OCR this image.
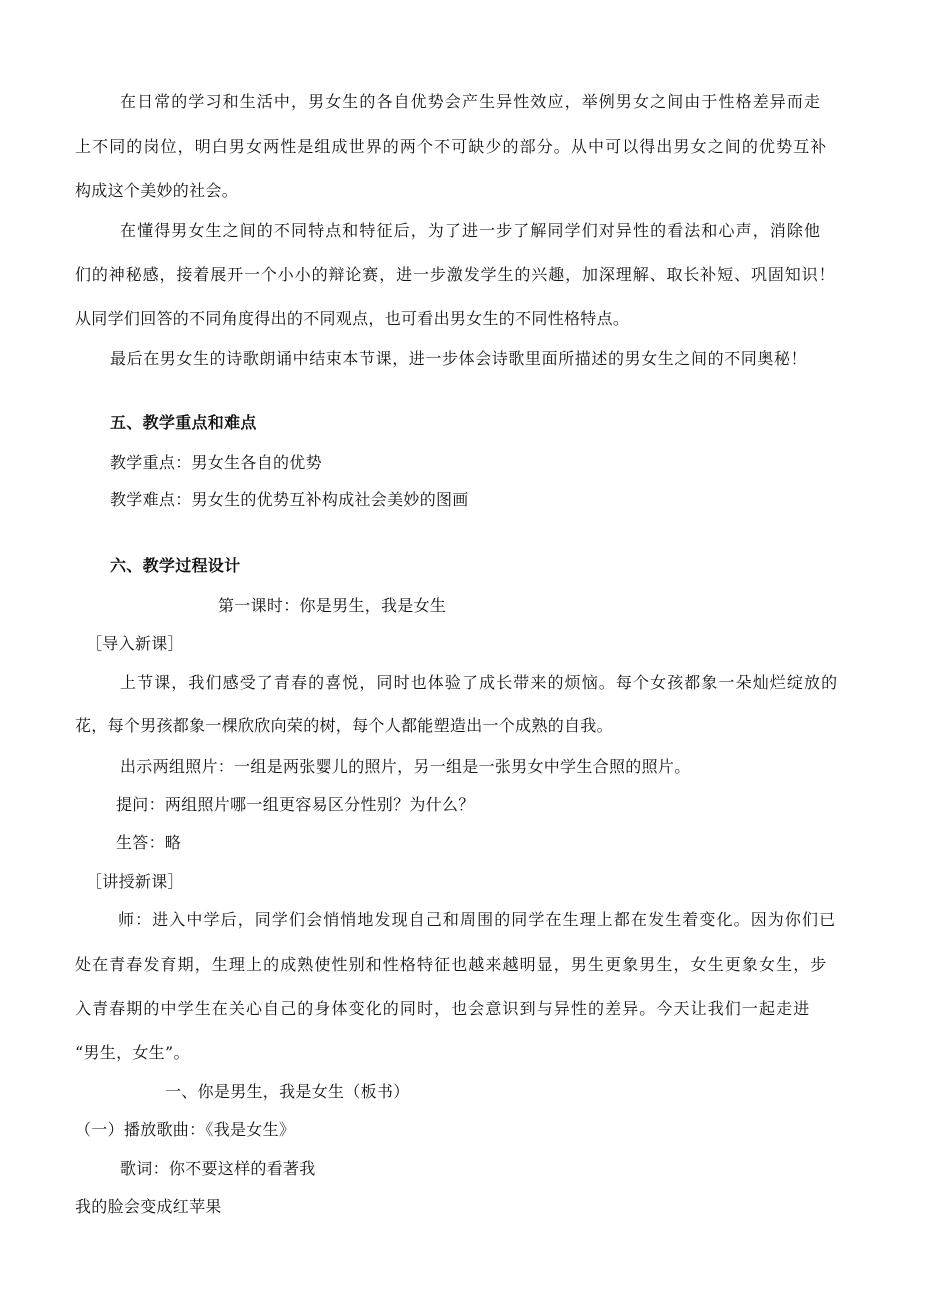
在日常的学习和生活中，男女生的各自优势会产生异性效应，举例男女之间由于性格差异而走
上不同的岗位，明白男女两性是组成世界的两个不可缺少的部分。从中可以得出男女之间的优势互补
构成这个美妙的社会。
在懂得男女生之间的不同特点和特征后，为了进一步了解同学们对异性的看法和心声，消除他
们的神秘感，接着展开一个小小的辩论赛，进一步激发学生的兴趣，加深理解、取长补短、巩固知识！
从同学们回答的不同角度得出的不同观点，也可看出男女生的不同性格特点。
最后在男女生的诗歌朗诵中结束本节课，进一步体会诗歌里面所描述的男女生之间的不同奥秘！
五、教学重点和难点
教学重点：男女生各自的优势
教学难点：男女生的优势互补构成社会美妙的图画
六、教学过程设计
第一课时：你是男生，我是女生
［导入新课］
上节课，我们感受了青春的喜悦，同时也体验了成长带来的烦恼。每个女孩都象一朵灿烂绽放的
花，每个男孩都象一棵欣欣向荣的树，每个人都能塑造出一个成熟的自我。
出示两组照片：一组是两张婴儿的照片，另一组是一张男女中学生合照的照片。
提问：两组照片哪一组更容易区分性别？为什么？
生答：略
［讲授新课］
师：进入中学后，同学们会悄悄地发现自己和周围的同学在生理上都在发生着变化。因为你们已
处在青春发育期，生理上的成熟使性别和性格特征也越来越明显，男生更象男生，女生更象女生，步
入青春期的中学生在关心自己的身体变化的同时，也会意识到与异性的差异。今天让我们一起走进
“男生，女生”。
一、你是男生，我是女生（板书）
（一）播放歌曲：《我是女生》
歌词：你不要这样的看著我
我的脸会变成红苹果
